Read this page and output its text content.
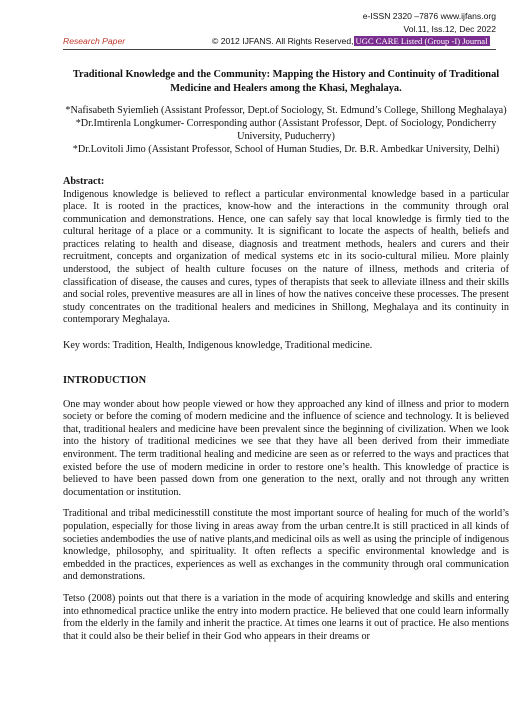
e-ISSN 2320 –7876 www.ijfans.org
Vol.11, Iss.12, Dec 2022
Research Paper	© 2012 IJFANS. All Rights Reserved, UGC CARE Listed (Group -I) Journal
Traditional Knowledge and the Community: Mapping the History and Continuity of Traditional Medicine and Healers among the Khasi, Meghalaya.
*Nafisabeth Syiemlieh (Assistant Professor, Dept.of Sociology, St. Edmund’s College, Shillong Meghalaya)
*Dr.Imtirenla Longkumer- Corresponding author (Assistant Professor, Dept. of Sociology, Pondicherry University, Puducherry)
*Dr.Lovitoli Jimo (Assistant Professor, School of Human Studies, Dr. B.R. Ambedkar University, Delhi)
Abstract:

Indigenous knowledge is believed to reflect a particular environmental knowledge based in a particular place. It is rooted in the practices, know-how and the interactions in the community through oral communication and demonstrations. Hence, one can safely say that local knowledge is firmly tied to the cultural heritage of a place or a community. It is significant to locate the aspects of health, beliefs and practices relating to health and disease, diagnosis and treatment methods, healers and curers and their recruitment, concepts and organization of medical systems etc in its socio-cultural milieu. More plainly understood, the subject of health culture focuses on the nature of illness, methods and criteria of classification of disease, the causes and cures, types of therapists that seek to alleviate illness and their skills and social roles, preventive measures are all in lines of how the natives conceive these processes. The present study concentrates on the traditional healers and medicines in Shillong, Meghalaya and its continuity in contemporary Meghalaya.

Key words: Tradition, Health, Indigenous knowledge, Traditional medicine.

INTRODUCTION

One may wonder about how people viewed or how they approached any kind of illness and prior to modern society or before the coming of modern medicine and the influence of science and technology. It is believed that, traditional healers and medicine have been prevalent since the beginning of civilization. When we look into the history of traditional medicines we see that they have all been derived from their immediate environment. The term traditional healing and medicine are seen as or referred to the ways and practices that existed before the use of modern medicine in order to restore one’s health. This knowledge of practice is believed to have been passed down from one generation to the next, orally and not through any written documentation or institution.

Traditional and tribal medicinesstill constitute the most important source of healing for much of the world’s population, especially for those living in areas away from the urban centre.It is still practiced in all kinds of societies andembodies the use of native plants,and medicinal oils as well as using the principle of indigenous knowledge, philosophy, and spirituality. It often reflects a specific environmental knowledge and is embedded in the practices, experiences as well as exchanges in the community through oral communication and demonstrations.

Tetso (2008) points out that there is a variation in the mode of acquiring knowledge and skills and entering into ethnomedical practice unlike the entry into modern practice. He believed that one could learn informally from the elderly in the family and inherit the practice. At times one learns it out of practice. He also mentions that it could also be their belief in their God who appears in their dreams or
